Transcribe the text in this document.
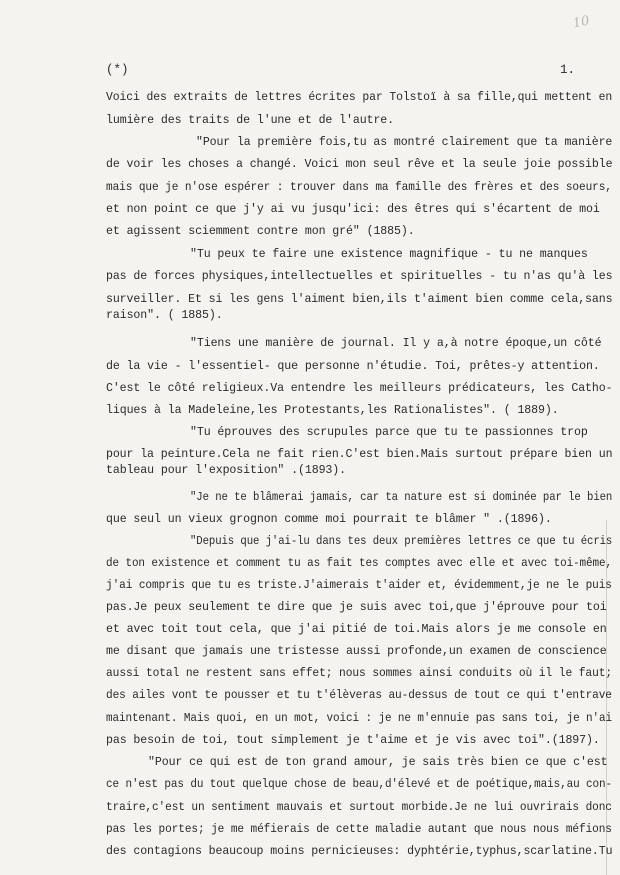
10
(*)	1.
Voici des extraits de lettres écrites par Tolstoï à sa fille,qui mettent en
lumière des traits de l'une et de l'autre.
"Pour la première fois,tu as montré clairement que ta manière
de voir les choses a changé. Voici mon seul rêve et la seule joie possible
mais que je n'ose espérer : trouver dans ma famille des frères et des soeurs,
et non point ce que j'y ai vu jusqu'ici: des êtres qui s'écartent de moi
et agissent sciemment contre mon gré" (1885).
"Tu peux te faire une existence magnifique - tu ne manques
pas de forces physiques,intellectuelles et spirituelles - tu n'as qu'à les
surveiller. Et si les gens l'aiment bien,ils t'aiment bien comme cela,sans
raison". ( 1885).
"Tiens une manière de journal. Il y a,à notre époque,un côté
de la vie - l'essentiel- que personne n'étudie. Toi, prêtes-y attention.
C'est le côté religieux.Va entendre les meilleurs prédicateurs, les Catho-
liques à la Madeleine,les Protestants,les Rationalistes". ( 1889).
"Tu éprouves des scrupules parce que tu te passionnes trop
pour la peinture.Cela ne fait rien.C'est bien.Mais surtout prépare bien un
tableau pour l'exposition" .(1893).
"Je ne te blâmerai jamais, car ta nature est si dominée par le bien
que seul un vieux grognon comme moi pourrait te blâmer " .(1896).
"Depuis que j'ai-lu dans tes deux premières lettres ce que tu écris
de ton existence et comment tu as fait tes comptes avec elle et avec toi-même,
j'ai compris que tu es triste.J'aimerais t'aider et, évidemment,je ne le puis
pas.Je peux seulement te dire que je suis avec toi,que j'éprouve pour toi
et avec toit tout cela, que j'ai pitié de toi.Mais alors je me console en
me disant que jamais une tristesse aussi profonde,un examen de conscience
aussi total ne restent sans effet; nous sommes ainsi conduits où il le faut;
des ailes vont te pousser et tu t'élèveras au-dessus de tout ce qui t'entrave
maintenant. Mais quoi, en un mot, voici : je ne m'ennuie pas sans toi, je n'ai
pas besoin de toi, tout simplement je t'aime et je vis avec toi".(1897).
"Pour ce qui est de ton grand amour, je sais très bien ce que c'est
ce n'est pas du tout quelque chose de beau,d'élevé et de poétique,mais,au con-
traire,c'est un sentiment mauvais et surtout morbide.Je ne lui ouvrirais donc
pas les portes; je me méfierais de cette maladie autant que nous nous méfions
des contagions beaucoup moins pernicieuses: dyphtérie,typhus,scarlatine.Tu
